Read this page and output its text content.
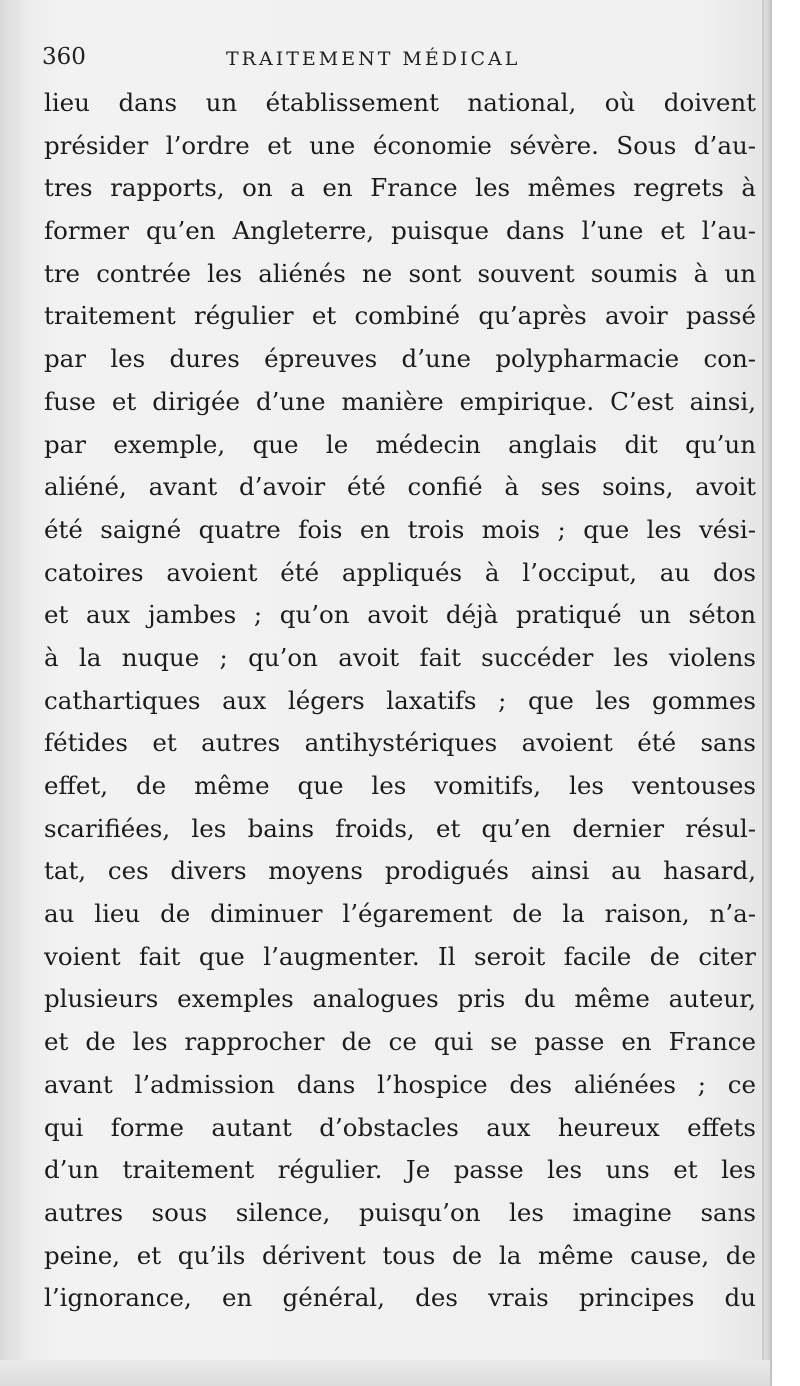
360	TRAITEMENT MÉDICAL
lieu dans un établissement national, où doivent
présider l’ordre et une économie sévère. Sous d’au-
tres rapports, on a en France les mêmes regrets à
former qu’en Angleterre, puisque dans l’une et l’au-
tre contrée les aliénés ne sont souvent soumis à un
traitement régulier et combiné qu’après avoir passé
par les dures épreuves d’une polypharmacie con-
fuse et dirigée d’une manière empirique. C’est ainsi,
par exemple, que le médecin anglais dit qu’un
aliéné, avant d’avoir été confié à ses soins, avoit
été saigné quatre fois en trois mois ; que les vési-
catoires avoient été appliqués à l’occiput, au dos
et aux jambes ; qu’on avoit déjà pratiqué un séton
à la nuque ; qu’on avoit fait succéder les violens
cathartiques aux légers laxatifs ; que les gommes
fétides et autres antihystériques avoient été sans
effet, de même que les vomitifs, les ventouses
scarifiées, les bains froids, et qu’en dernier résul-
tat, ces divers moyens prodigués ainsi au hasard,
au lieu de diminuer l’égarement de la raison, n’a-
voient fait que l’augmenter. Il seroit facile de citer
plusieurs exemples analogues pris du même auteur,
et de les rapprocher de ce qui se passe en France
avant l’admission dans l’hospice des aliénées ; ce
qui forme autant d’obstacles aux heureux effets
d’un traitement régulier. Je passe les uns et les
autres sous silence, puisqu’on les imagine sans
peine, et qu’ils dérivent tous de la même cause, de
l’ignorance, en général, des vrais principes du
